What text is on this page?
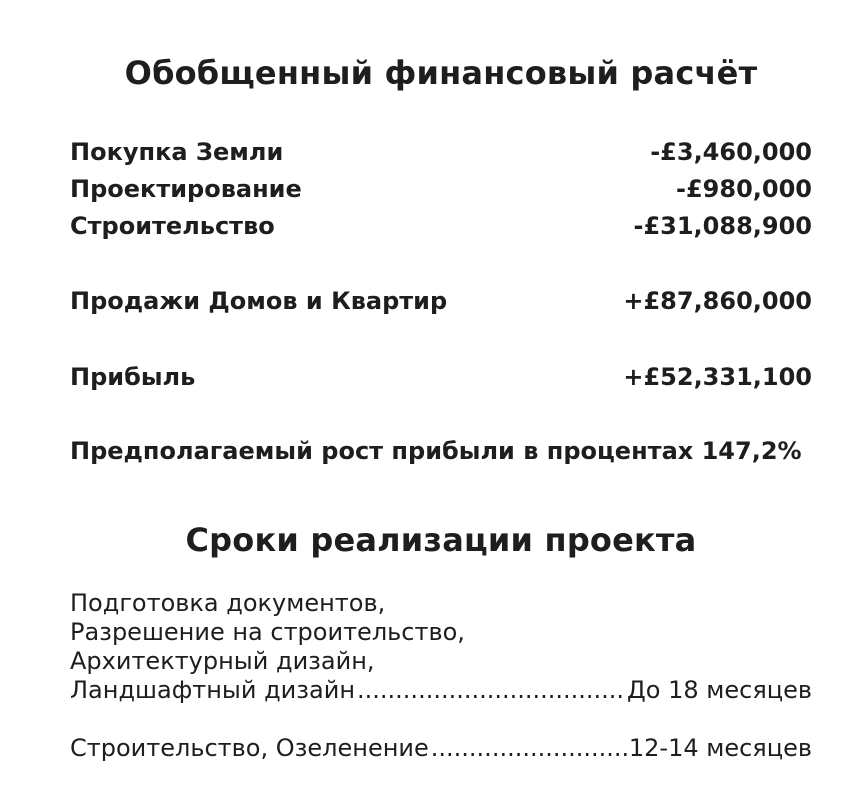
Обобщенный финансовый расчёт
Покупка Земли	-£3,460,000
Проектирование	-£980,000
Строительство	-£31,088,900
Продажи Домов и Квартир	+£87,860,000
Прибыль	+£52,331,100
Предполагаемый рост прибыли в процентах 147,2%
Сроки реализации проекта
Подготовка документов,
Разрешение на строительство,
Архитектурный дизайн,
Ландшафтный дизайн .....	До 18 месяцев
Строительство, Озеленение .....	12-14 месяцев
